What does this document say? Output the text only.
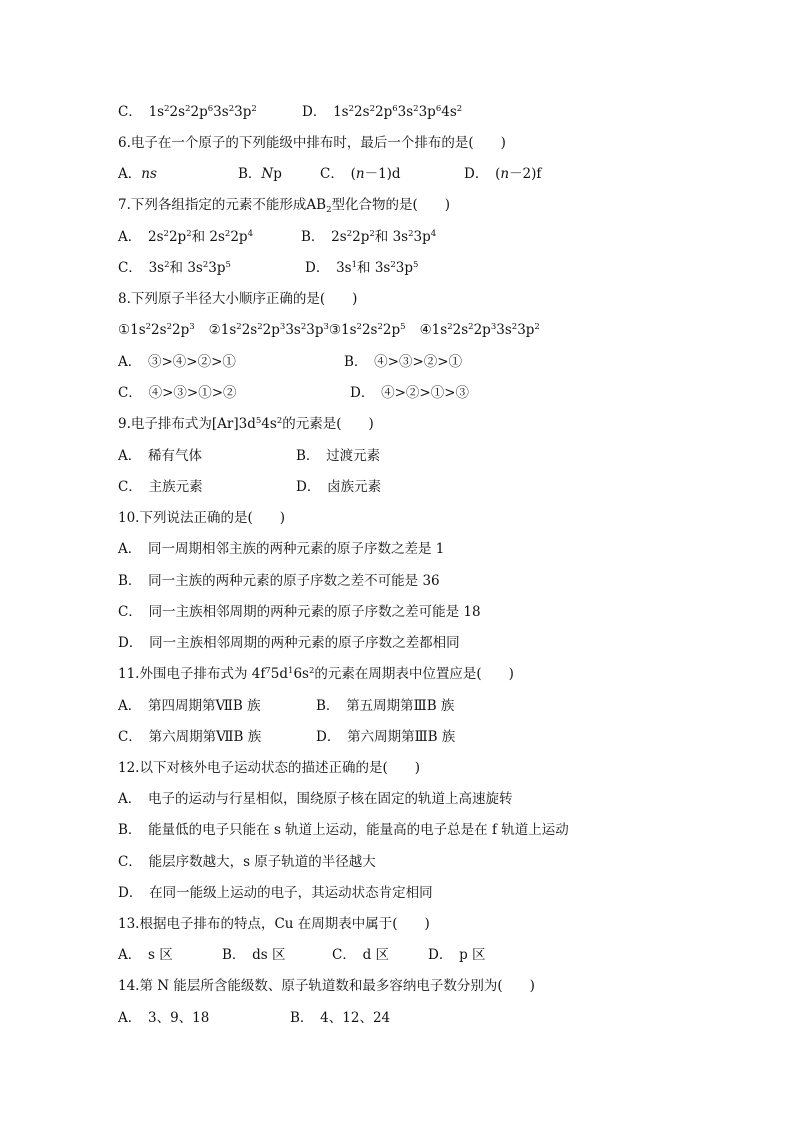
C．　 $1s^22s^22p^63s^23p^2$	D．　 $1s^22s^22p^63s^23p^64s^2$
6.电子在一个原子的下列能级中排布时，最后一个排布的是(　　)
A．ns	B．Np	C．　 (n－1)d	D．　 (n－2)f
7.下列各组指定的元素不能形成$AB_2$型化合物的是(　　)
A．　 $2s^22p^2$和 $2s^22p^4$	B．　 $2s^22p^2$和 $3s^23p^4$
C．　 $3s^2$和 $3s^23p^5$	D．　 $3s^1$和 $3s^23p^5$
8.下列原子半径大小顺序正确的是(　　)
$①1s^22s^22p^3$ $②1s^22s^22p^33s^23p^3③1s^22s^22p^5$ $④1s^22s^22p^33s^23p^2$
A．　③>④>②>①	B．　④>③>②>①
C．　④>③>①>②	D．　④>②>①>③
9.电子排布式为$[Ar]3d^54s^2$的元素是(　　)
A．　稀有气体	B．　过渡元素
C．　主族元素	D．　卤族元素
10.下列说法正确的是(　　)
A．　同一周期相邻主族的两种元素的原子序数之差是 1
B．　同一主族的两种元素的原子序数之差不可能是 36
C．　同一主族相邻周期的两种元素的原子序数之差可能是 18
D．　同一主族相邻周期的两种元素的原子序数之差都相同
11.外围电子排布式为 $4f^75d^16s^2$的元素在周期表中位置应是(　　)
A．　第四周期第ⅦB 族	B．　第五周期第ⅢB 族
C．　第六周期第ⅦB 族	D．　第六周期第ⅢB 族
12.以下对核外电子运动状态的描述正确的是(　　)
A．　电子的运动与行星相似，围绕原子核在固定的轨道上高速旋转
B．　能量低的电子只能在 s 轨道上运动，能量高的电子总是在 f 轨道上运动
C．　能层序数越大，s 原子轨道的半径越大
D．　在同一能级上运动的电子，其运动状态肯定相同
13.根据电子排布的特点，Cu 在周期表中属于(　　)
A．　s 区	B．　ds 区	C．　d 区	D．　p 区
14.第 N 能层所含能级数、原子轨道数和最多容纳电子数分别为(　　)
A．　3、9、18	B．　4、12、24
